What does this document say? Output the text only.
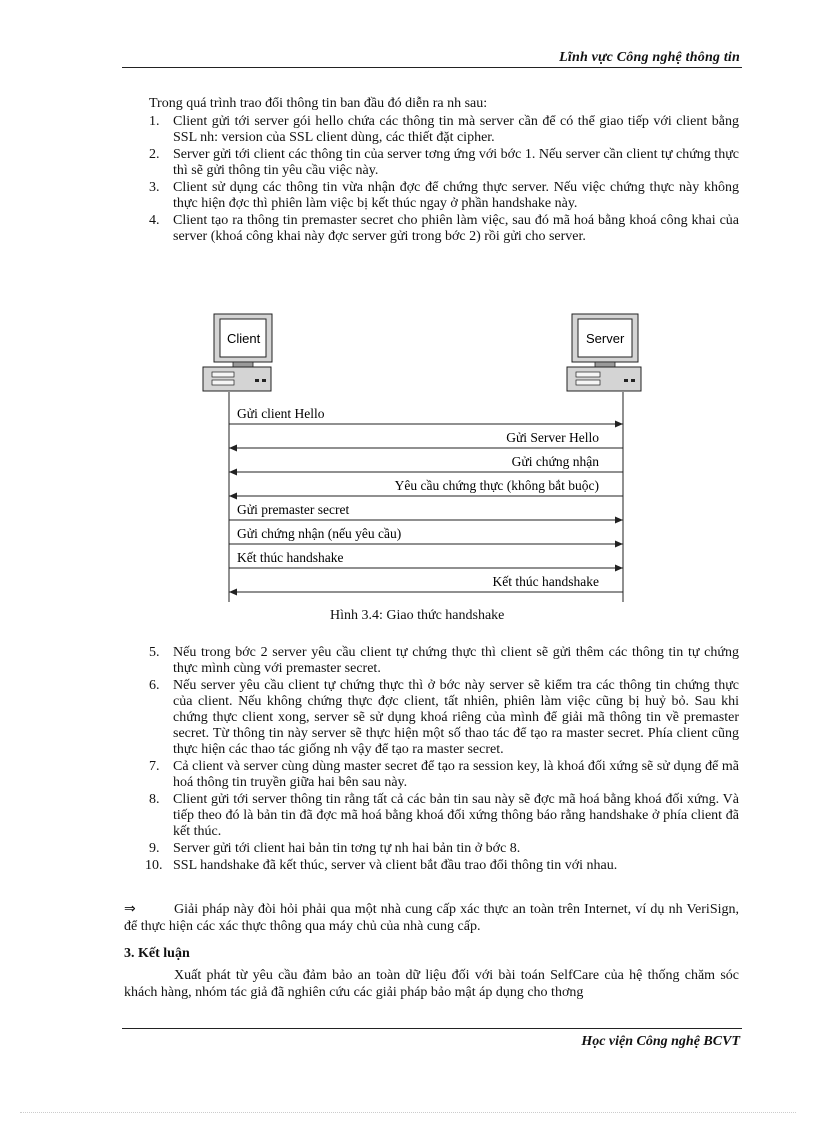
Lĩnh vực Công nghệ thông tin
Trong quá trình trao đổi thông tin ban đầu đó diễn ra nh sau:
1. Client gửi tới server gói hello chứa các thông tin mà server cần để có thể giao tiếp với client bằng SSL nh: version của SSL client dùng, các thiết đặt cipher.
2. Server gửi tới client các thông tin của server tơng ứng với bớc 1. Nếu server cần client tự chứng thực thì sẽ gửi thông tin yêu cầu việc này.
3. Client sử dụng các thông tin vừa nhận đợc để chứng thực server. Nếu việc chứng thực này không thực hiện đợc thì phiên làm việc bị kết thúc ngay ở phần handshake này.
4. Client tạo ra thông tin premaster secret cho phiên làm việc, sau đó mã hoá bằng khoá công khai của server (khoá công khai này đợc server gửi trong bớc 2) rồi gửi cho server.
Client	Server
Gửi client Hello
Gửi Server Hello
Gửi chứng nhận
Yêu cầu chứng thực (không bắt buộc)
Gửi premaster secret
Gửi chứng nhận (nếu yêu cầu)
Kết thúc handshake
Kết thúc handshake
Hình 3.4: Giao thức handshake
5. Nếu trong bớc 2 server yêu cầu client tự chứng thực thì client sẽ gửi thêm các thông tin tự chứng thực mình cùng với premaster secret.
6. Nếu server yêu cầu client tự chứng thực thì ở bớc này server sẽ kiểm tra các thông tin chứng thực của client. Nếu không chứng thực đợc client, tất nhiên, phiên làm việc cũng bị huỷ bỏ. Sau khi chứng thực client xong, server sẽ sử dụng khoá riêng của mình để giải mã thông tin về premaster secret. Từ thông tin này server sẽ thực hiện một số thao tác để tạo ra master secret. Phía client cũng thực hiện các thao tác giống nh vậy để tạo ra master secret.
7. Cả client và server cùng dùng master secret để tạo ra session key, là khoá đối xứng sẽ sử dụng để mã hoá thông tin truyền giữa hai bên sau này.
8. Client gửi tới server thông tin rằng tất cả các bản tin sau này sẽ đợc mã hoá bằng khoá đối xứng. Và tiếp theo đó là bản tin đã đợc mã hoá bằng khoá đối xứng thông báo rằng handshake ở phía client đã kết thúc.
9. Server gửi tới client hai bản tin tơng tự nh hai bản tin ở bớc 8.
10. SSL handshake đã kết thúc, server và client bắt đầu trao đổi thông tin với nhau.
⇒	Giải pháp này đòi hỏi phải qua một nhà cung cấp xác thực an toàn trên Internet, ví dụ nh VeriSign, để thực hiện các xác thực thông qua máy chủ của nhà cung cấp.
3. Kết luận
Xuất phát từ yêu cầu đảm bảo an toàn dữ liệu đối với bài toán SelfCare của hệ thống chăm sóc khách hàng, nhóm tác giả đã nghiên cứu các giải pháp bảo mật áp dụng cho thơng
Học viện Công nghệ BCVT
